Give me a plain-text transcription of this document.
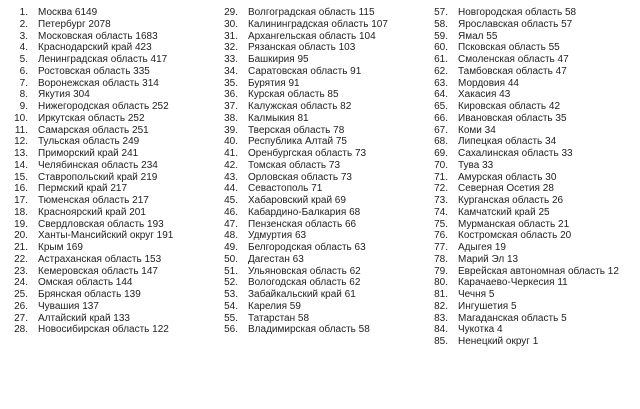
1. Москва 6149
2. Петербург 2078
3. Московская область 1683
4. Краснодарский край 423
5. Ленинградская область 417
6. Ростовская область 335
7. Воронежская область 314
8. Якутия 304
9. Нижегородская область 252
10. Иркутская область 252
11. Самарская область 251
12. Тульская область 249
13. Приморский край 241
14. Челябинская область 234
15. Ставропольский край 219
16. Пермский край 217
17. Тюменская область 217
18. Красноярский край 201
19. Свердловская область 193
20. Ханты-Мансийский округ 191
21. Крым 169
22. Астраханская область 153
23. Кемеровская область 147
24. Омская область 144
25. Брянская область 139
26. Чувашия 137
27. Алтайский край 133
28. Новосибирская область 122
29. Волгоградская область 115
30. Калининградская область 107
31. Архангельская область 104
32. Рязанская область 103
33. Башкирия 95
34. Саратовская область 91
35. Бурятия 91
36. Курская область 85
37. Калужская область 82
38. Калмыкия 81
39. Тверская область 78
40. Республика Алтай 75
41. Оренбургская область 73
42. Томская область 73
43. Орловская область 73
44. Севастополь 71
45. Хабаровский край 69
46. Кабардино-Балкария 68
47. Пензенская область 66
48. Удмуртия 63
49. Белгородская область 63
50. Дагестан 63
51. Ульяновская область 62
52. Вологодская область 62
53. Забайкальский край 61
54. Карелия 59
55. Татарстан 58
56. Владимирская область 58
57. Новгородская область 58
58. Ярославская область 57
59. Ямал 55
60. Псковская область 55
61. Смоленская область 47
62. Тамбовская область 47
63. Мордовия 44
64. Хакасия 43
65. Кировская область 42
66. Ивановская область 35
67. Коми 34
68. Липецкая область 34
69. Сахалинская область 33
70. Тува 33
71. Амурская область 30
72. Северная Осетия 28
73. Курганская область 26
74. Камчатский край 25
75. Мурманская область 21
76. Костромская область 20
77. Адыгея 19
78. Марий Эл 13
79. Еврейская автономная область 12
80. Карачаево-Черкесия 11
81. Чечня 5
82. Ингушетия 5
83. Магаданская область 5
84. Чукотка 4
85. Ненецкий округ 1
